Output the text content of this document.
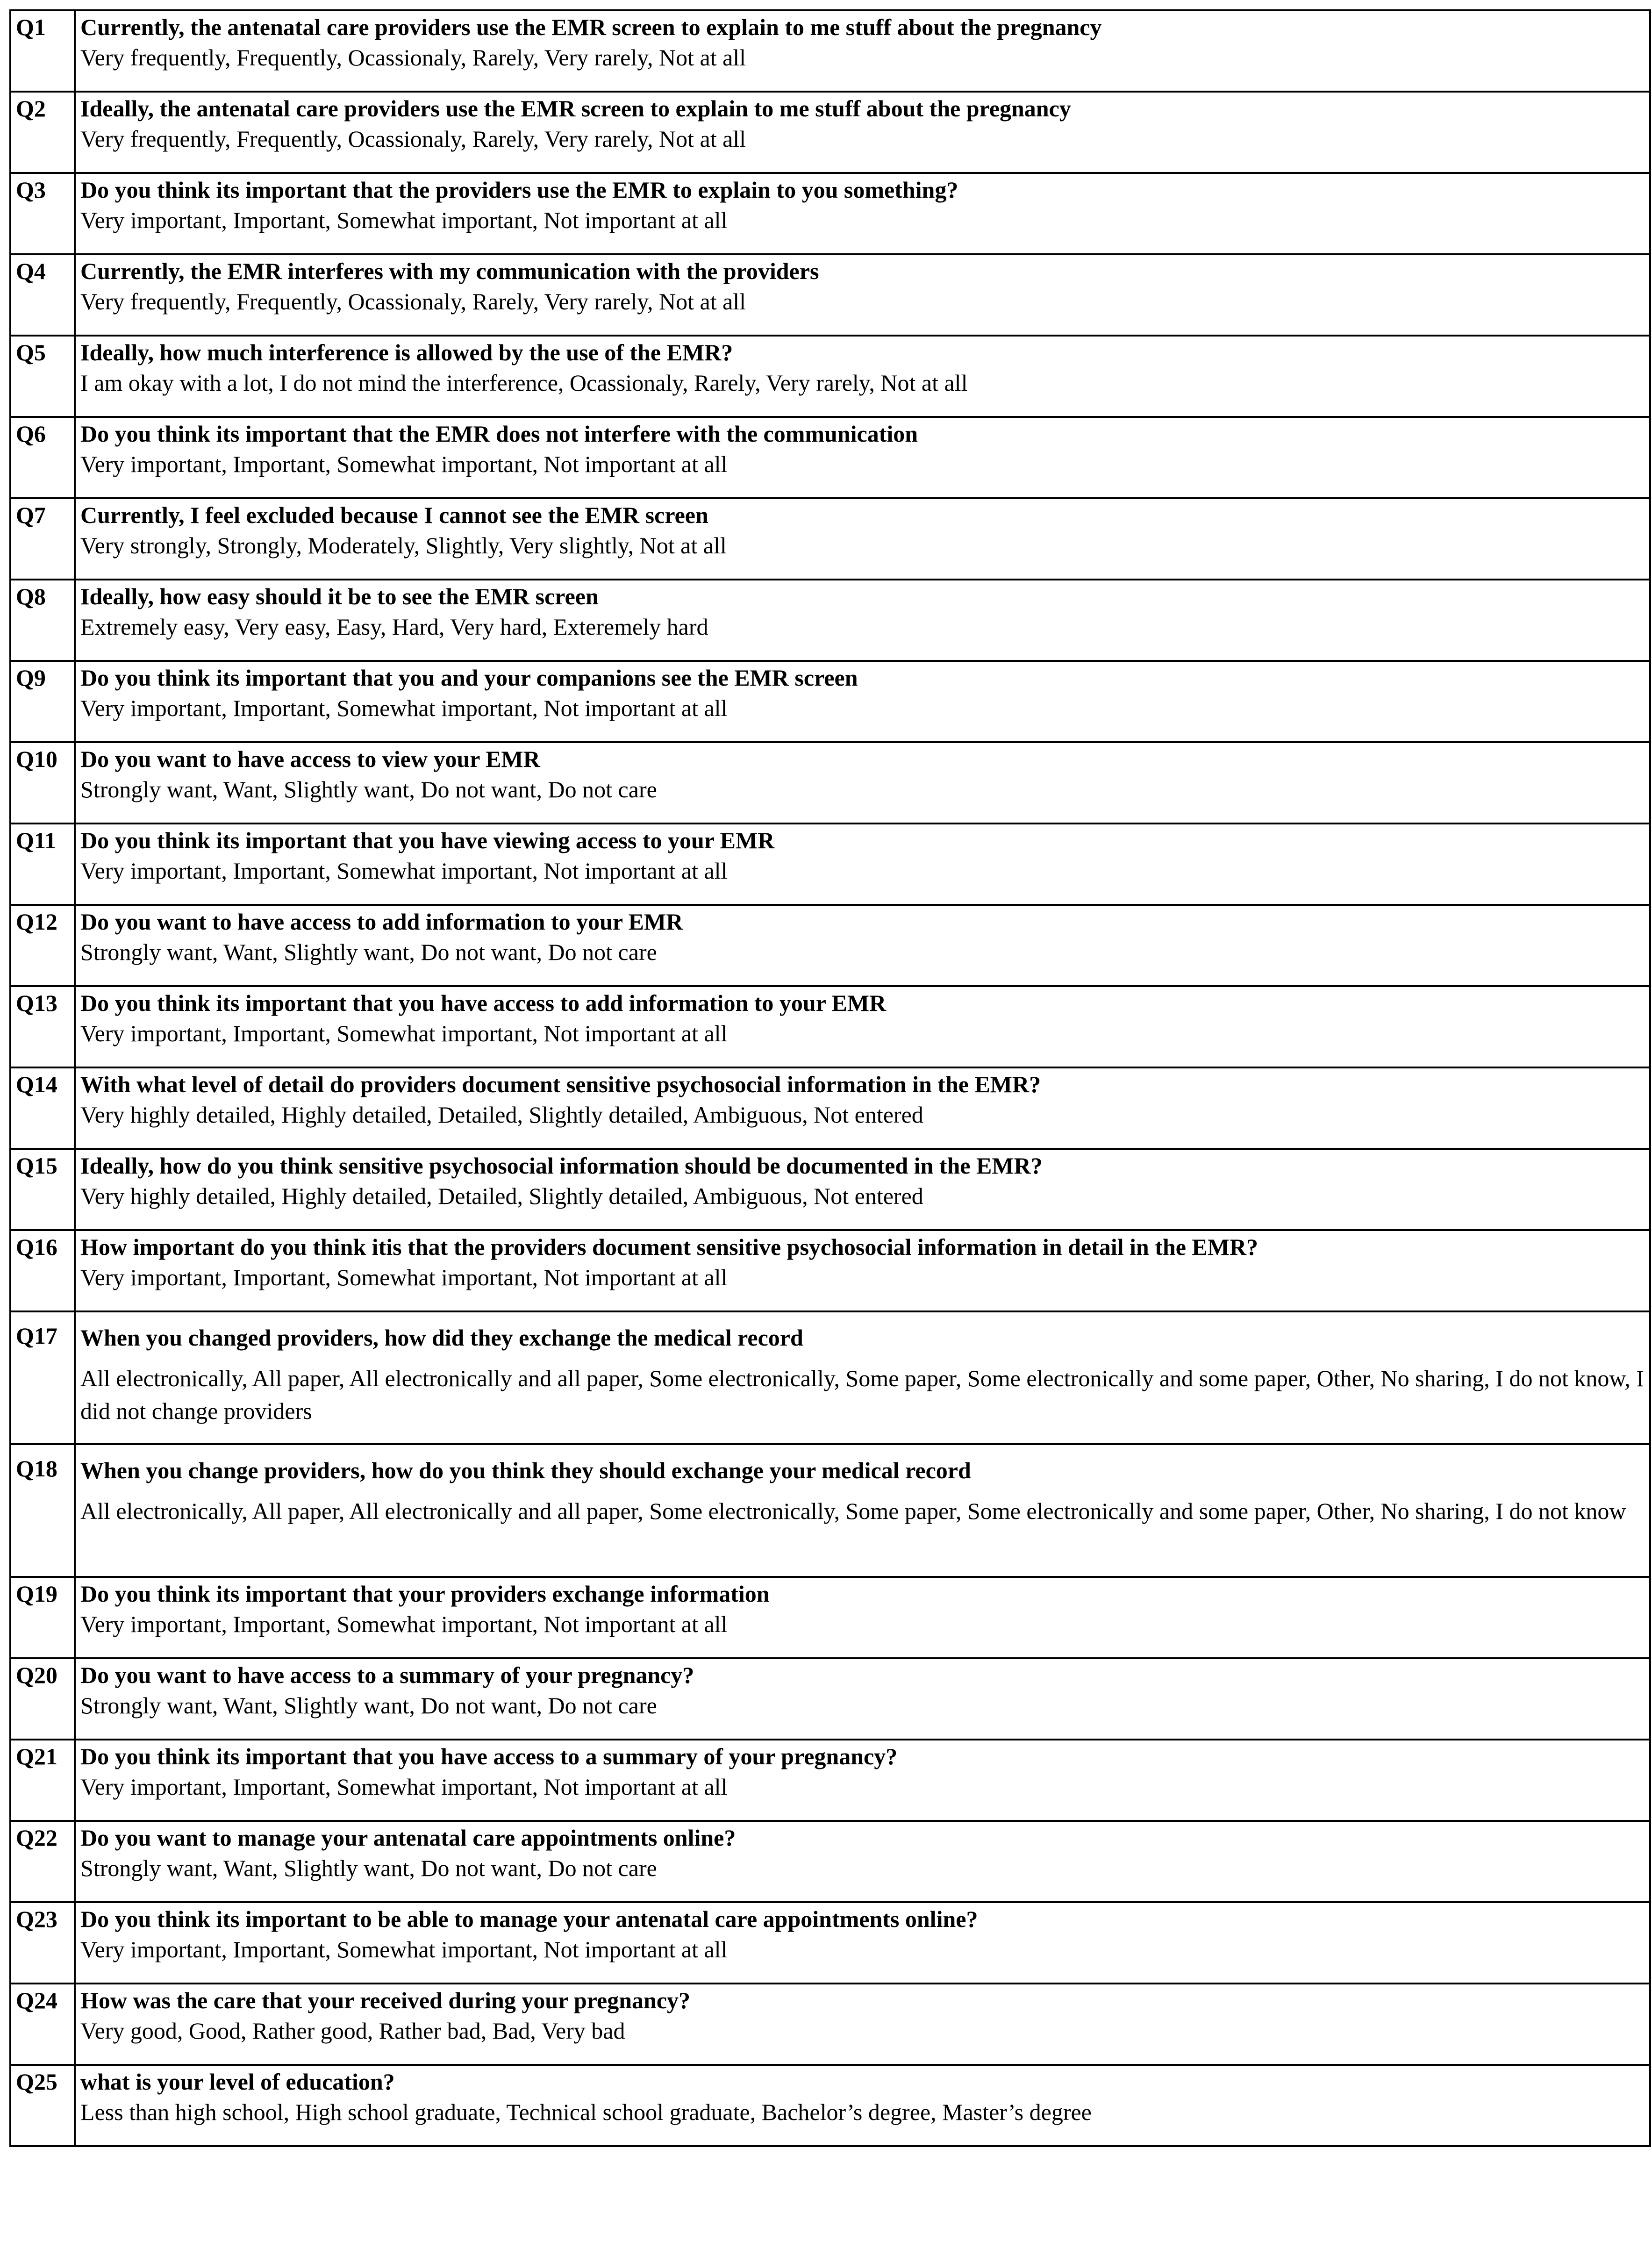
Q1	Currently, the antenatal care providers use the EMR screen to explain to me stuff about the pregnancy
Very frequently, Frequently, Ocassionaly, Rarely, Very rarely, Not at all

Q2	Ideally, the antenatal care providers use the EMR screen to explain to me stuff about the pregnancy
Very frequently, Frequently, Ocassionaly, Rarely, Very rarely, Not at all

Q3	Do you think its important that the providers use the EMR to explain to you something?
Very important, Important, Somewhat important, Not important at all

Q4	Currently, the EMR interferes with my communication with the providers
Very frequently, Frequently, Ocassionaly, Rarely, Very rarely, Not at all

Q5	Ideally, how much interference is allowed by the use of the EMR?
I am okay with a lot, I do not mind the interference, Ocassionaly, Rarely, Very rarely, Not at all

Q6	Do you think its important that the EMR does not interfere with the communication
Very important, Important, Somewhat important, Not important at all

Q7	Currently, I feel excluded because I cannot see the EMR screen
Very strongly, Strongly, Moderately, Slightly, Very slightly, Not at all

Q8	Ideally, how easy should it be to see the EMR screen
Extremely easy, Very easy, Easy, Hard, Very hard, Exteremely hard

Q9	Do you think its important that you and your companions see the EMR screen
Very important, Important, Somewhat important, Not important at all

Q10	Do you want to have access to view your EMR
Strongly want, Want, Slightly want, Do not want, Do not care

Q11	Do you think its important that you have viewing access to your EMR
Very important, Important, Somewhat important, Not important at all

Q12	Do you want to have access to add information to your EMR
Strongly want, Want, Slightly want, Do not want, Do not care

Q13	Do you think its important that you have access to add information to your EMR
Very important, Important, Somewhat important, Not important at all

Q14	With what level of detail do providers document sensitive psychosocial information in the EMR?
Very highly detailed, Highly detailed, Detailed, Slightly detailed, Ambiguous, Not entered

Q15	Ideally, how do you think sensitive psychosocial information should be documented in the EMR?
Very highly detailed, Highly detailed, Detailed, Slightly detailed, Ambiguous, Not entered

Q16	How important do you think itis that the providers document sensitive psychosocial information in detail in the EMR?
Very important, Important, Somewhat important, Not important at all

Q17	When you changed providers, how did they exchange the medical record
All electronically, All paper, All electronically and all paper, Some electronically, Some paper, Some electronically and some paper, Other, No sharing, I do not know, I did not change providers

Q18	When you change providers, how do you think they should exchange your medical record
All electronically, All paper, All electronically and all paper, Some electronically, Some paper, Some electronically and some paper, Other, No sharing, I do not know

Q19	Do you think its important that your providers exchange information
Very important, Important, Somewhat important, Not important at all

Q20	Do you want to have access to a summary of your pregnancy?
Strongly want, Want, Slightly want, Do not want, Do not care

Q21	Do you think its important that you have access to a summary of your pregnancy?
Very important, Important, Somewhat important, Not important at all

Q22	Do you want to manage your antenatal care appointments online?
Strongly want, Want, Slightly want, Do not want, Do not care

Q23	Do you think its important to be able to manage your antenatal care appointments online?
Very important, Important, Somewhat important, Not important at all

Q24	How was the care that your received during your pregnancy?
Very good, Good, Rather good, Rather bad, Bad, Very bad

Q25	what is your level of education?
Less than high school, High school graduate, Technical school graduate, Bachelor’s degree, Master’s degree
